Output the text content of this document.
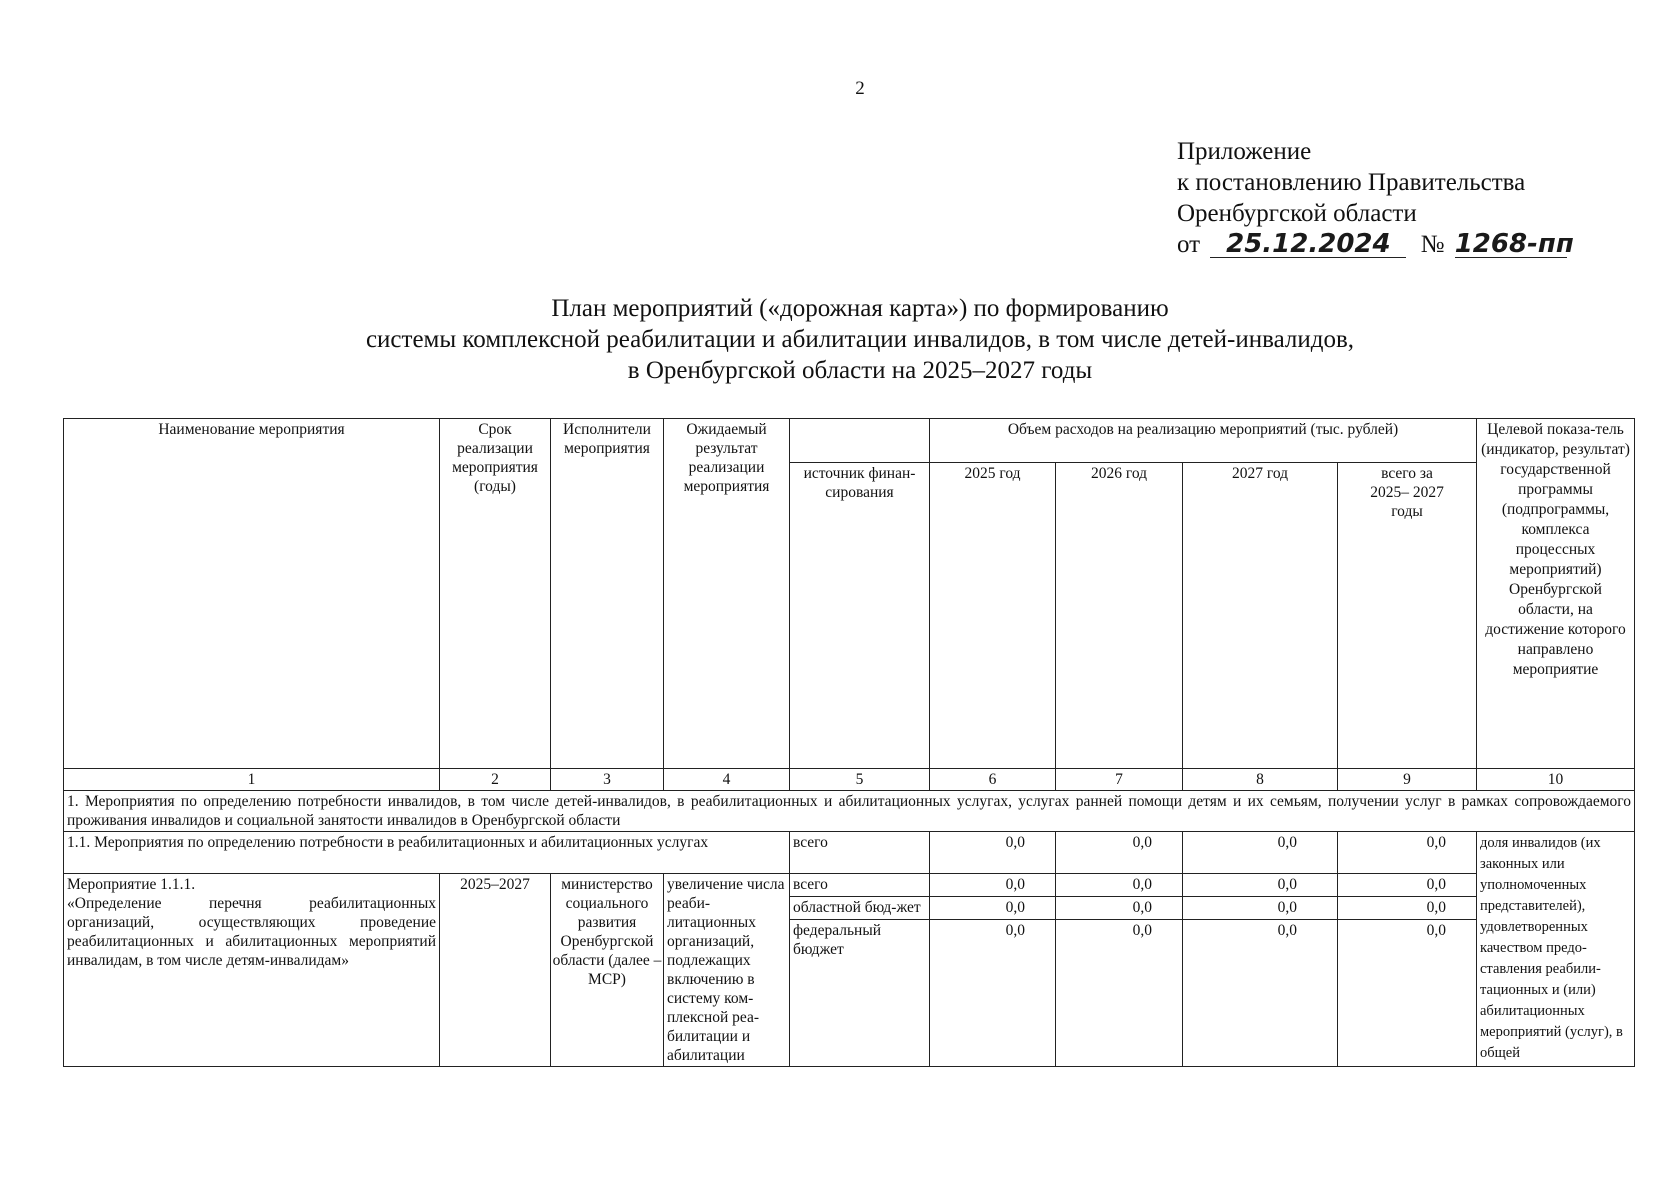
2
Приложение
к постановлению Правительства
Оренбургской области
от 25.12.2024 № 1268-пп
План мероприятий («дорожная карта») по формированию
системы комплексной реабилитации и абилитации инвалидов, в том числе детей-инвалидов,
в Оренбургской области на 2025–2027 годы
Наименование мероприятия	Срок реализации мероприятия (годы)	Исполнители мероприятия	Ожидаемый результат реализации мероприятия		Объем расходов на реализацию мероприятий (тыс. рублей)				Целевой показа-тель (индикатор, результат) государственной программы (подпрограммы, комплекса процессных мероприятий) Оренбургской области, на достижение которого направлено мероприятие
				источник финан-сирования	2025 год	2026 год	2027 год	всего за 2025– 2027 годы	
1	2	3	4	5	6	7	8	9	10
1. Мероприятия по определению потребности инвалидов, в том числе детей-инвалидов, в реабилитационных и абилитационных услугах, услугах ранней помощи детям и их семьям, получении услуг в рамках сопровождаемого проживания инвалидов и социальной занятости инвалидов в Оренбургской области									
1.1. Мероприятия по определению потребности в реабилитационных и абилитационных услугах				всего	0,0	0,0	0,0	0,0	доля инвалидов (их законных или уполномоченных представителей), удовлетворенных качеством предо-ставления реабили-тационных и (или) абилитационных мероприятий (услуг), в общей

Мероприятие 1.1.1.
«Определение перечня реабилитационных организаций, осуществляющих проведение реабилитационных и абилитационных мероприятий инвалидам, в том числе детям-инвалидам»	2025–2027	министерство социального развития Оренбургской области (далее – МСР)	увеличение числа реаби-литационных организаций, подлежащих включению в систему ком-плексной реа-билитации и абилитации	всего	0,0	0,0	0,0	0,0	
				областной бюд-жет	0,0	0,0	0,0	0,0	
				федеральный бюджет	0,0	0,0	0,0	0,0	
